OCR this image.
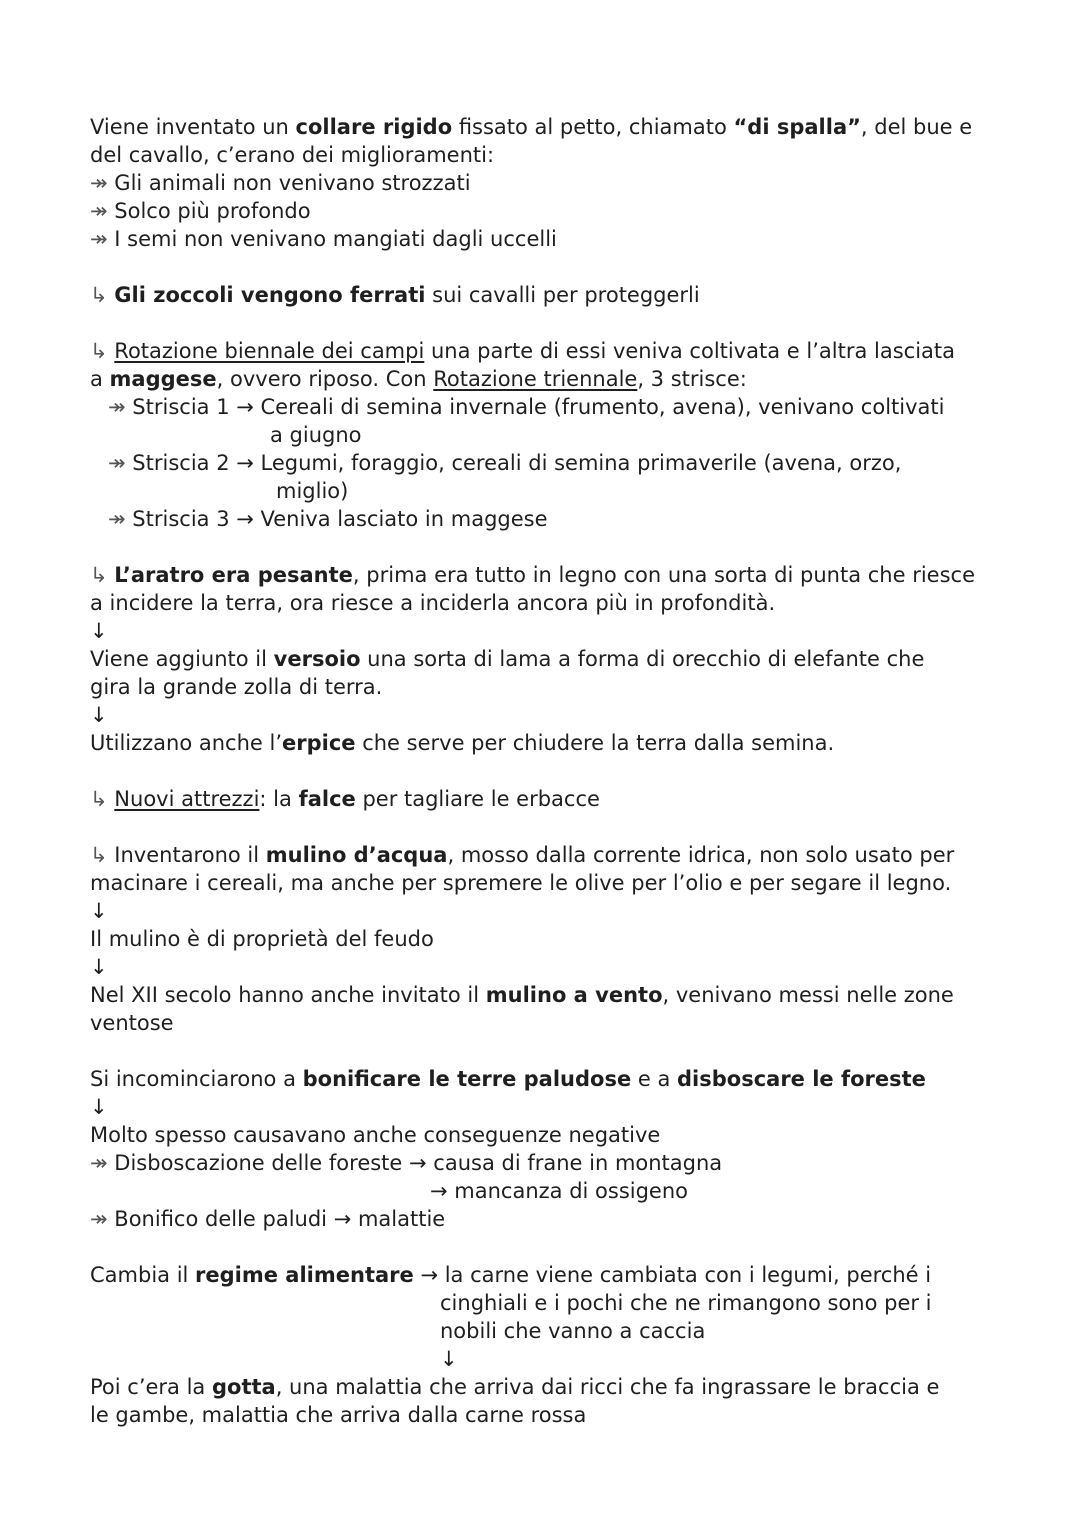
Viene inventato un collare rigido fissato al petto, chiamato “di spalla”, del bue e
del cavallo, c’erano dei miglioramenti:
↠ Gli animali non venivano strozzati
↠ Solco più profondo
↠ I semi non venivano mangiati dagli uccelli
↳ Gli zoccoli vengono ferrati sui cavalli per proteggerli
↳ Rotazione biennale dei campi una parte di essi veniva coltivata e l’altra lasciata
a maggese, ovvero riposo. Con Rotazione triennale, 3 strisce:
↠ Striscia 1 → Cereali di semina invernale (frumento, avena), venivano coltivati
a giugno
↠ Striscia 2 → Legumi, foraggio, cereali di semina primaverile (avena, orzo,
miglio)
↠ Striscia 3 → Veniva lasciato in maggese
↳ L’aratro era pesante, prima era tutto in legno con una sorta di punta che riesce
a incidere la terra, ora riesce a inciderla ancora più in profondità.
↓
Viene aggiunto il versoio una sorta di lama a forma di orecchio di elefante che
gira la grande zolla di terra.
↓
Utilizzano anche l’erpice che serve per chiudere la terra dalla semina.
↳ Nuovi attrezzi: la falce per tagliare le erbacce
↳ Inventarono il mulino d’acqua, mosso dalla corrente idrica, non solo usato per
macinare i cereali, ma anche per spremere le olive per l’olio e per segare il legno.
↓
Il mulino è di proprietà del feudo
↓
Nel XII secolo hanno anche invitato il mulino a vento, venivano messi nelle zone
ventose
Si incominciarono a bonificare le terre paludose e a disboscare le foreste
↓
Molto spesso causavano anche conseguenze negative
↠ Disboscazione delle foreste → causa di frane in montagna
→ mancanza di ossigeno
↠ Bonifico delle paludi → malattie
Cambia il regime alimentare → la carne viene cambiata con i legumi, perché i
cinghiali e i pochi che ne rimangono sono per i
nobili che vanno a caccia
↓
Poi c’era la gotta, una malattia che arriva dai ricci che fa ingrassare le braccia e
le gambe, malattia che arriva dalla carne rossa
